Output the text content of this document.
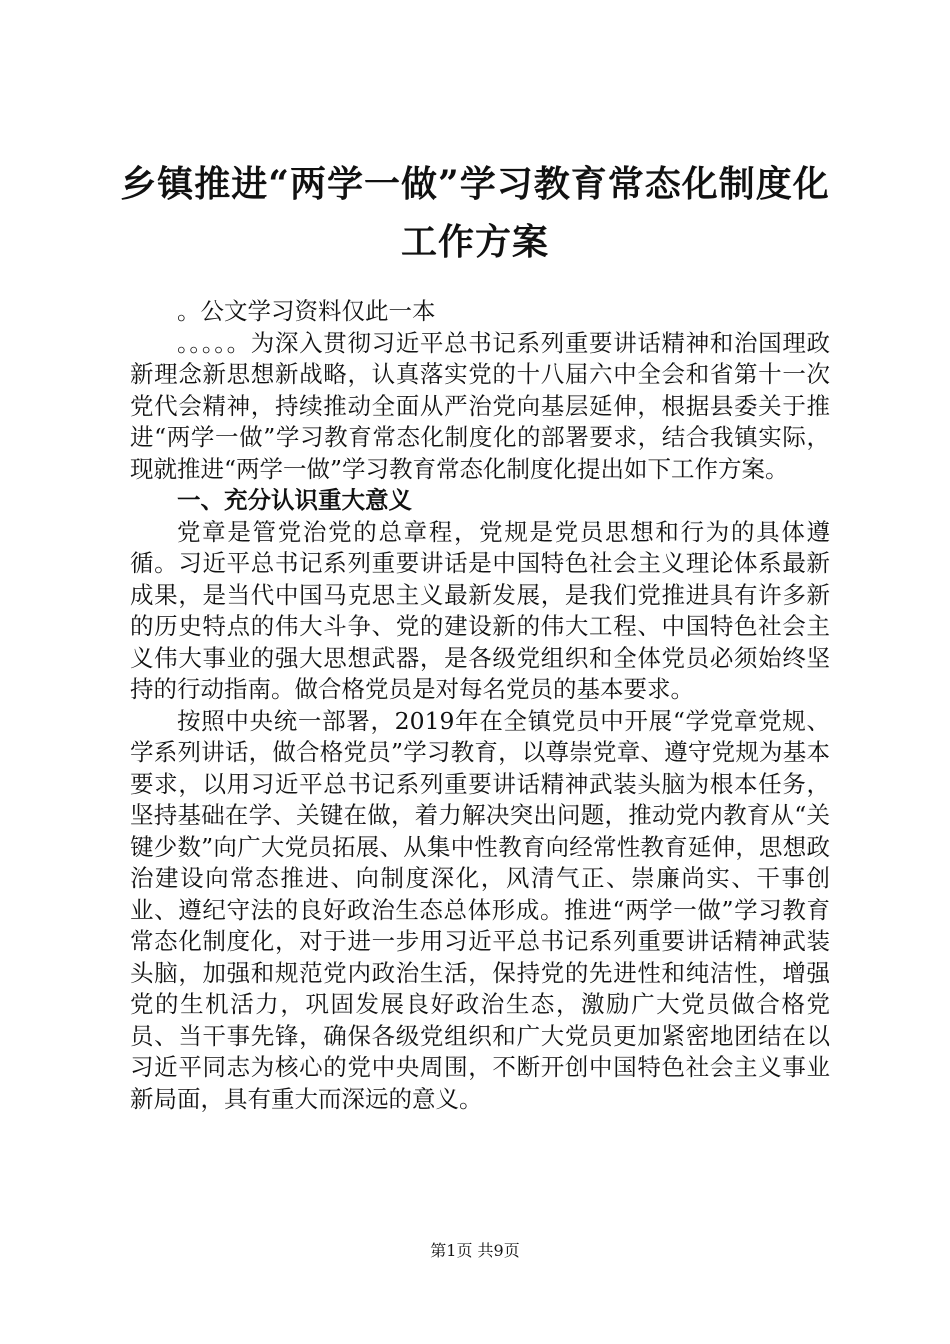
乡镇推进“两学一做”学习教育常态化制度化
工作方案

。公文学习资料仅此一本

。。。。。为深入贯彻习近平总书记系列重要讲话精神和治国理政新理念新思想新战略，认真落实党的十八届六中全会和省第十一次党代会精神，持续推动全面从严治党向基层延伸，根据县委关于推进“两学一做”学习教育常态化制度化的部署要求，结合我镇实际，现就推进“两学一做”学习教育常态化制度化提出如下工作方案。

一、充分认识重大意义

党章是管党治党的总章程，党规是党员思想和行为的具体遵循。习近平总书记系列重要讲话是中国特色社会主义理论体系最新成果，是当代中国马克思主义最新发展，是我们党推进具有许多新的历史特点的伟大斗争、党的建设新的伟大工程、中国特色社会主义伟大事业的强大思想武器，是各级党组织和全体党员必须始终坚持的行动指南。做合格党员是对每名党员的基本要求。

按照中央统一部署，2019年在全镇党员中开展“学党章党规、学系列讲话，做合格党员”学习教育，以尊崇党章、遵守党规为基本要求，以用习近平总书记系列重要讲话精神武装头脑为根本任务，坚持基础在学、关键在做，着力解决突出问题，推动党内教育从“关键少数”向广大党员拓展、从集中性教育向经常性教育延伸，思想政治建设向常态推进、向制度深化，风清气正、崇廉尚实、干事创业、遵纪守法的良好政治生态总体形成。推进“两学一做”学习教育常态化制度化，对于进一步用习近平总书记系列重要讲话精神武装头脑，加强和规范党内政治生活，保持党的先进性和纯洁性，增强党的生机活力，巩固发展良好政治生态，激励广大党员做合格党员、当干事先锋，确保各级党组织和广大党员更加紧密地团结在以习近平同志为核心的党中央周围，不断开创中国特色社会主义事业新局面，具有重大而深远的意义。

第1页 共9页
